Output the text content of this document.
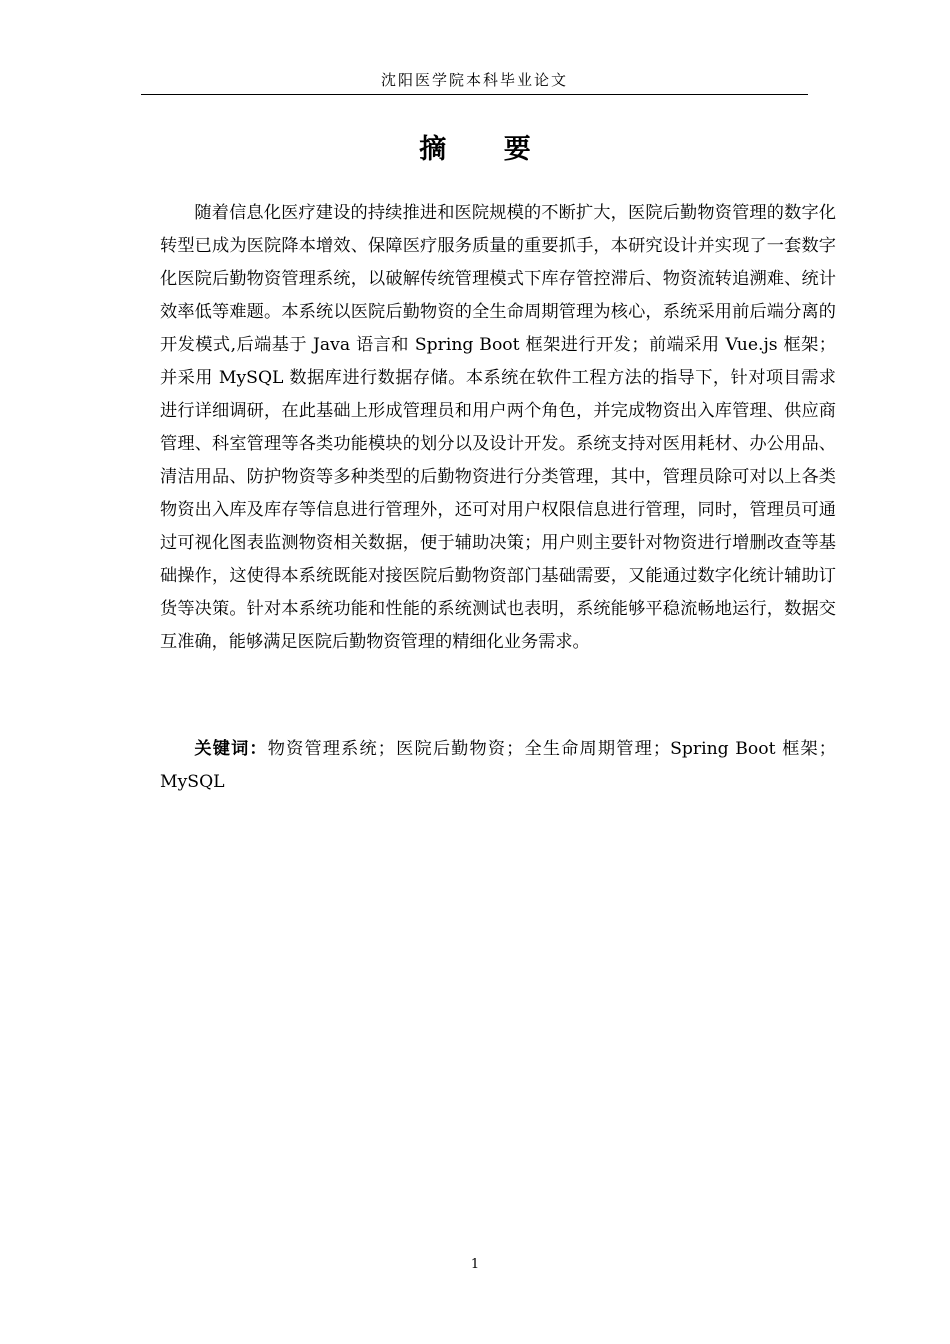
沈阳医学院本科毕业论文
摘 要

随着信息化医疗建设的持续推进和医院规模的不断扩大，医院后勤物资管理的数字化转型已成为医院降本增效、保障医疗服务质量的重要抓手，本研究设计并实现了一套数字化医院后勤物资管理系统，以破解传统管理模式下库存管控滞后、物资流转追溯难、统计效率低等难题。本系统以医院后勤物资的全生命周期管理为核心，系统采用前后端分离的开发模式,后端基于 Java 语言和 Spring Boot 框架进行开发；前端采用 Vue.js 框架；并采用 MySQL 数据库进行数据存储。本系统在软件工程方法的指导下，针对项目需求进行详细调研，在此基础上形成管理员和用户两个角色，并完成物资出入库管理、供应商管理、科室管理等各类功能模块的划分以及设计开发。系统支持对医用耗材、办公用品、清洁用品、防护物资等多种类型的后勤物资进行分类管理，其中，管理员除可对以上各类物资出入库及库存等信息进行管理外，还可对用户权限信息进行管理，同时，管理员可通过可视化图表监测物资相关数据，便于辅助决策；用户则主要针对物资进行增删改查等基础操作，这使得本系统既能对接医院后勤物资部门基础需要，又能通过数字化统计辅助订货等决策。针对本系统功能和性能的系统测试也表明，系统能够平稳流畅地运行，数据交互准确，能够满足医院后勤物资管理的精细化业务需求。

关键词：物资管理系统；医院后勤物资；全生命周期管理；Spring Boot 框架；MySQL

1
